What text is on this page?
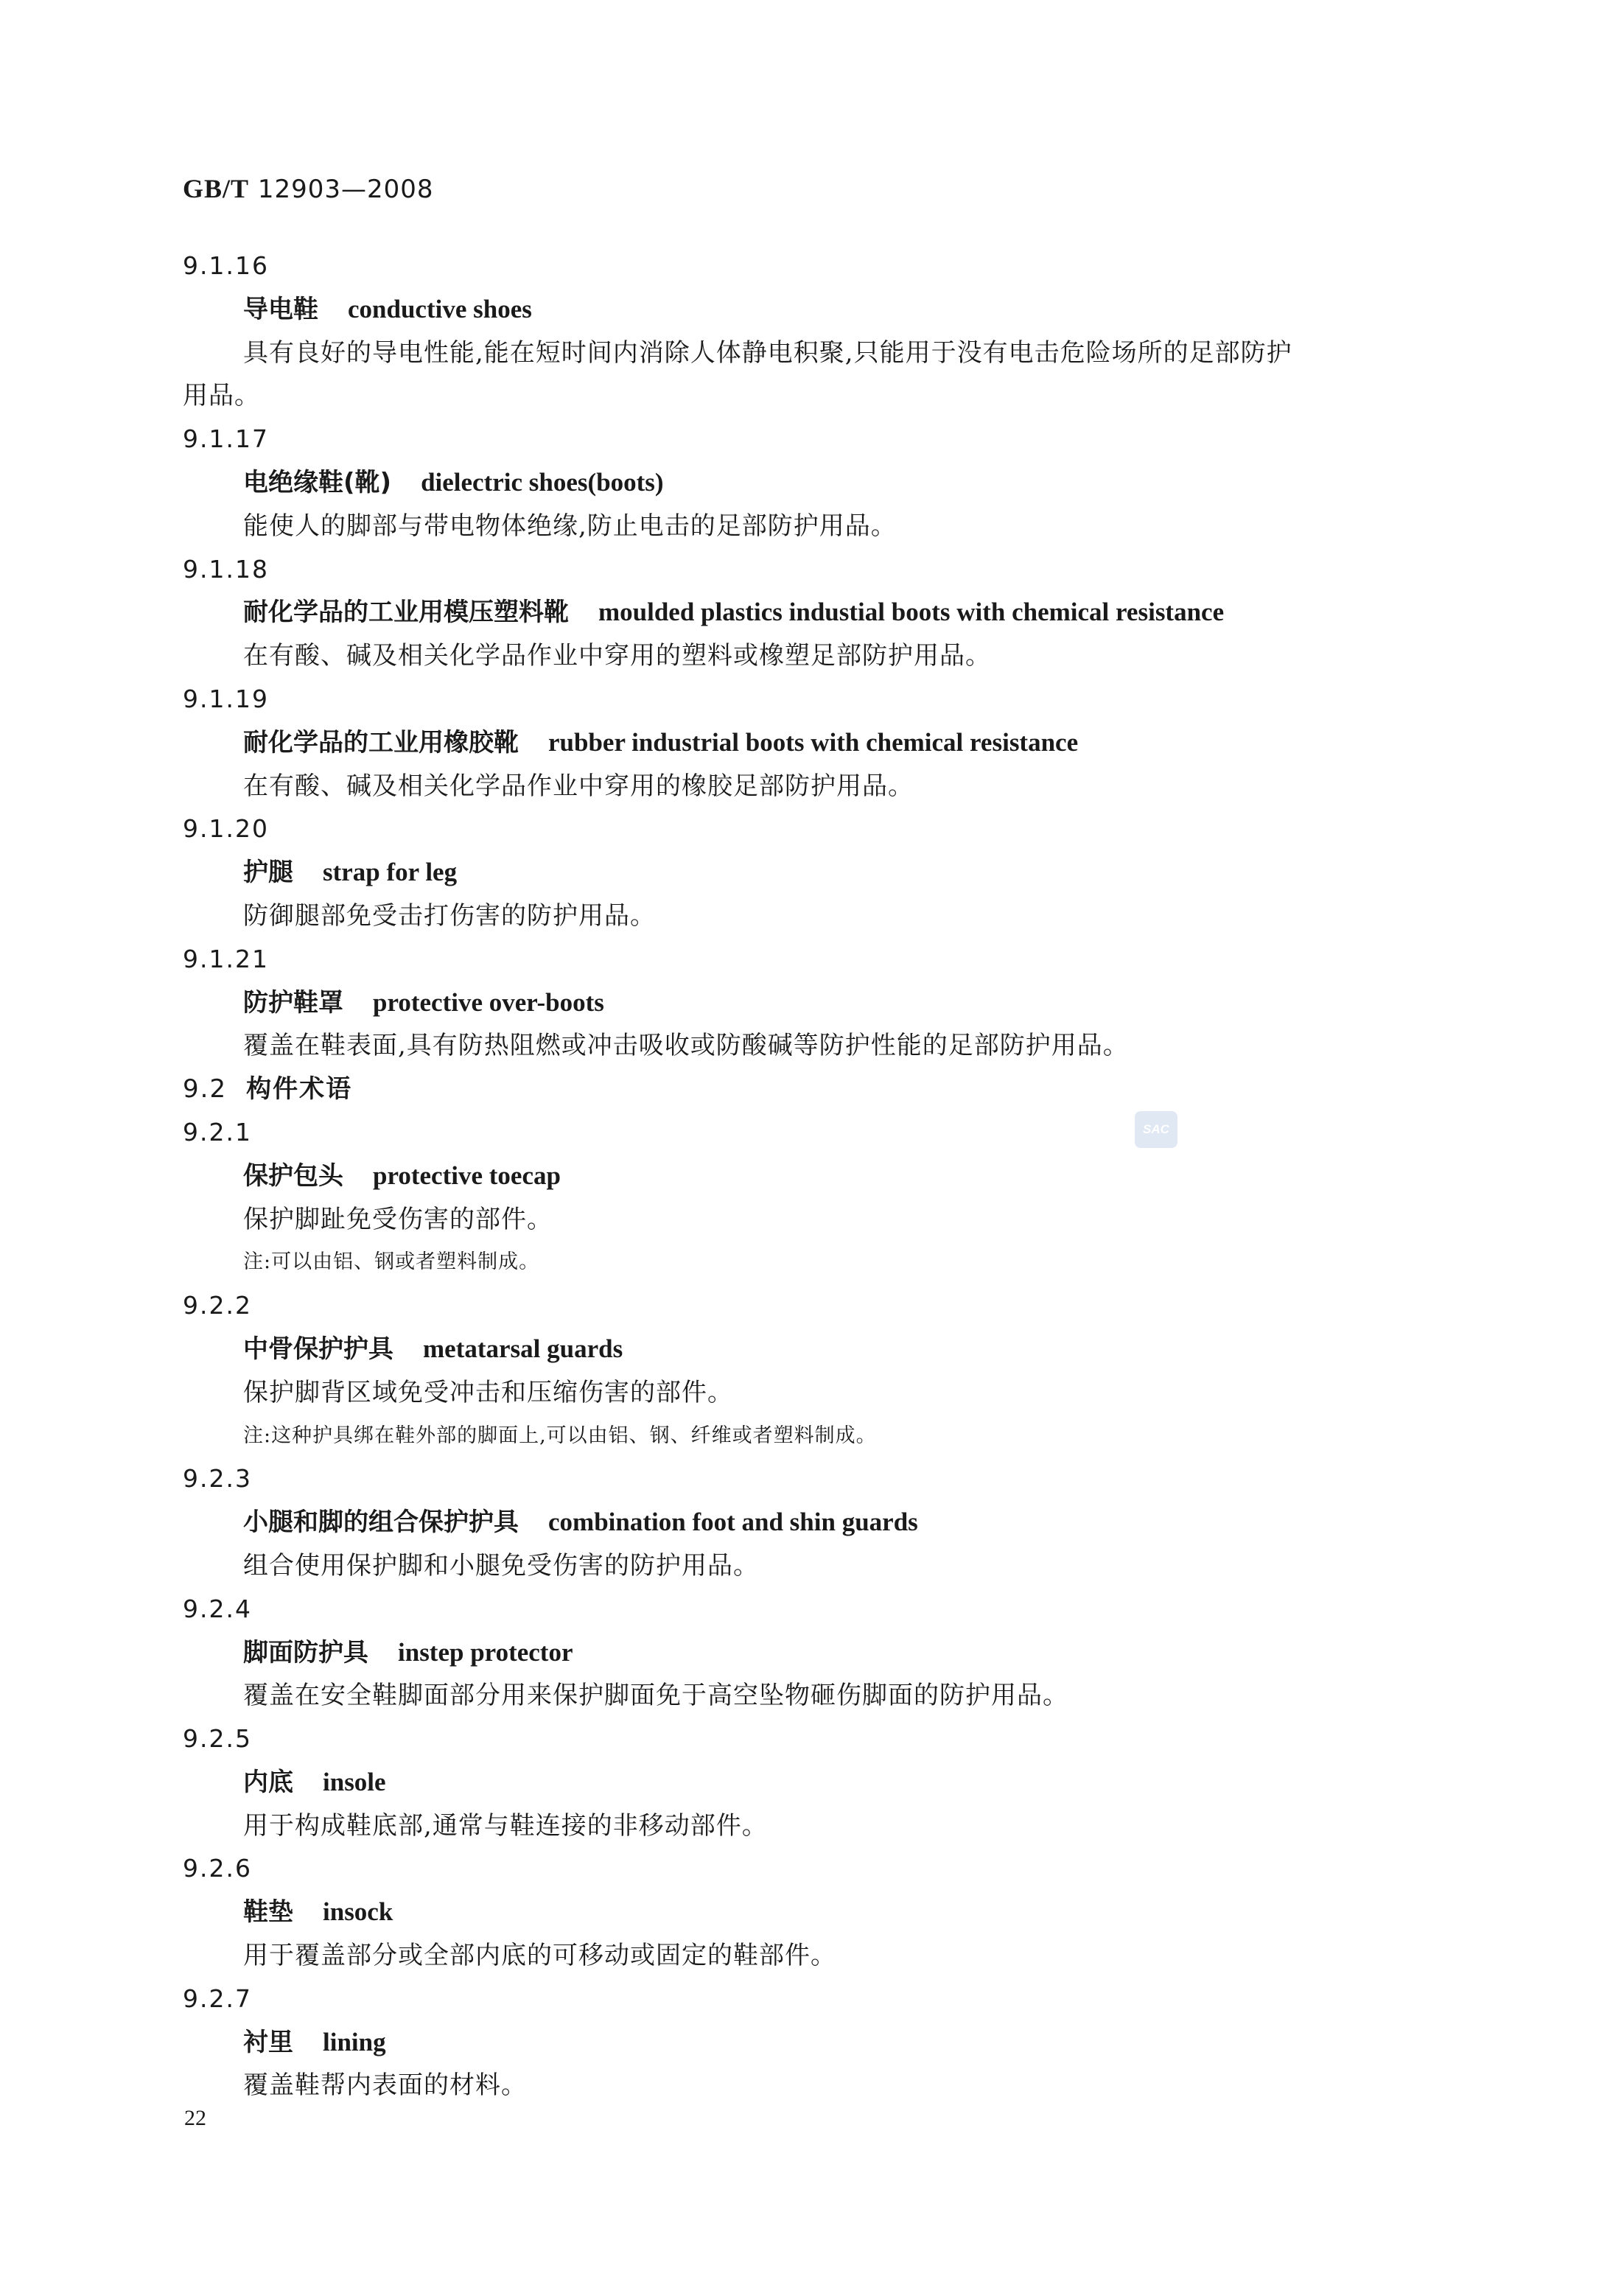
GB/T 12903—2008
SAC
9.1.16
导电鞋 conductive shoes
具有良好的导电性能,能在短时间内消除人体静电积聚,只能用于没有电击危险场所的足部防护
用品。
9.1.17
电绝缘鞋(靴) dielectric shoes(boots)
能使人的脚部与带电物体绝缘,防止电击的足部防护用品。
9.1.18
耐化学品的工业用模压塑料靴 moulded plastics industial boots with chemical resistance
在有酸、碱及相关化学品作业中穿用的塑料或橡塑足部防护用品。
9.1.19
耐化学品的工业用橡胶靴 rubber industrial boots with chemical resistance
在有酸、碱及相关化学品作业中穿用的橡胶足部防护用品。
9.1.20
护腿 strap for leg
防御腿部免受击打伤害的防护用品。
9.1.21
防护鞋罩 protective over-boots
覆盖在鞋表面,具有防热阻燃或冲击吸收或防酸碱等防护性能的足部防护用品。
9.2 构件术语
9.2.1
保护包头 protective toecap
保护脚趾免受伤害的部件。
注:可以由铝、钢或者塑料制成。
9.2.2
中骨保护护具 metatarsal guards
保护脚背区域免受冲击和压缩伤害的部件。
注:这种护具绑在鞋外部的脚面上,可以由铝、钢、纤维或者塑料制成。
9.2.3
小腿和脚的组合保护护具 combination foot and shin guards
组合使用保护脚和小腿免受伤害的防护用品。
9.2.4
脚面防护具 instep protector
覆盖在安全鞋脚面部分用来保护脚面免于高空坠物砸伤脚面的防护用品。
9.2.5
内底 insole
用于构成鞋底部,通常与鞋连接的非移动部件。
9.2.6
鞋垫 insock
用于覆盖部分或全部内底的可移动或固定的鞋部件。
9.2.7
衬里 lining
覆盖鞋帮内表面的材料。
22
